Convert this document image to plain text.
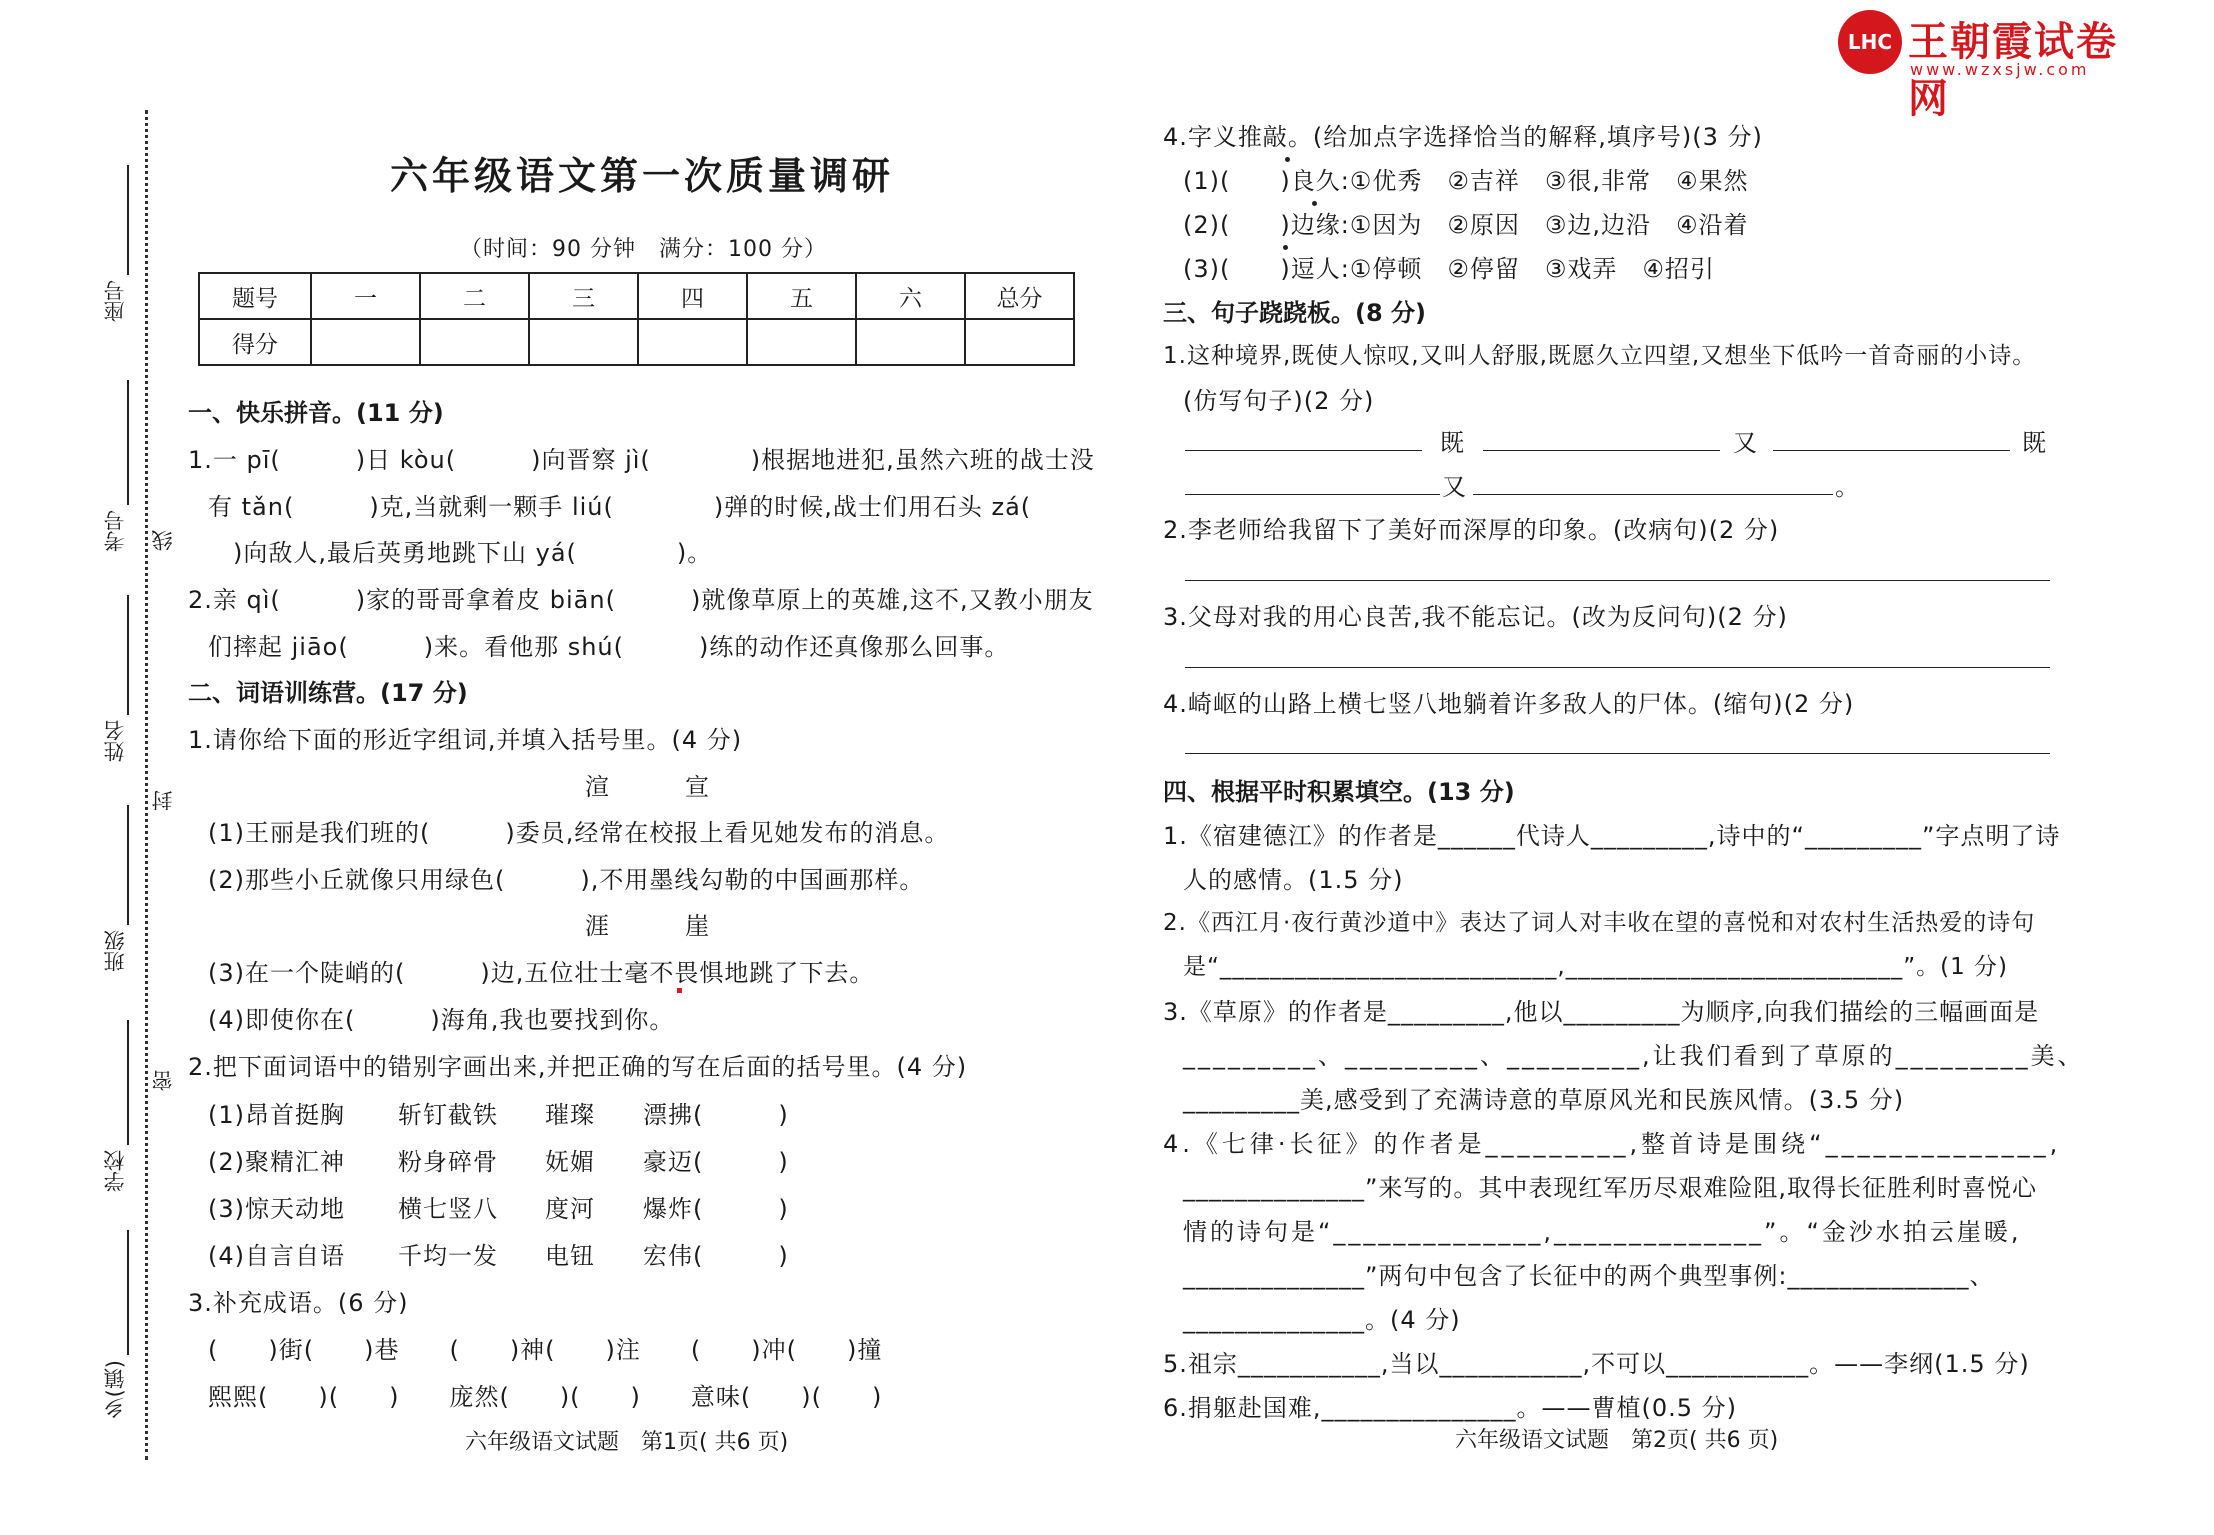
LHC 王朝霞试卷网
www.wzxsjw.com
座号
考号 线
姓名
封
班级
密
学校
乡(镇)
六年级语文第一次质量调研
（时间：90 分钟　满分：100 分）
题号	一	二	三	四	五	六	总分
得分							
一、快乐拼音。(11 分)
1.一 pī(　　　)日 kòu(　　　)向晋察 jì(　　　　)根据地进犯,虽然六班的战士没
有 tǎn(　　　)克,当就剩一颗手 liú(　　　　)弹的时候,战士们用石头 zá(
)向敌人,最后英勇地跳下山 yá(　　　　)。
2.亲 qì(　　　)家的哥哥拿着皮 biān(　　　)就像草原上的英雄,这不,又教小朋友
们摔起 jiāo(　　　)来。看他那 shú(　　　)练的动作还真像那么回事。
二、词语训练营。(17 分)
1.请你给下面的形近字组词,并填入括号里。(4 分)
渲　　　宣
(1)王丽是我们班的(　　　)委员,经常在校报上看见她发布的消息。
(2)那些小丘就像只用绿色(　　　),不用墨线勾勒的中国画那样。
涯　　　崖
(3)在一个陡峭的(　　　)边,五位壮士毫不畏惧地跳了下去。
(4)即使你在(　　　)海角,我也要找到你。
2.把下面词语中的错别字画出来,并把正确的写在后面的括号里。(4 分)
(1)昂首挺胸 斩钉截铁 璀璨 漂拂(　　　)
(2)聚精汇神 粉身碎骨 妩媚 豪迈(　　　)
(3)惊天动地 横七竖八 度河 爆炸(　　　)
(4)自言自语 千均一发 电钮 宏伟(　　　)
3.补充成语。(6 分)
(　　)街(　　)巷　　(　　)神(　　)注　　(　　)冲(　　)撞
熙熙(　　)(　　)　　庞然(　　)(　　)　　意味(　　)(　　)
六年级语文试题　第1页( 共6 页)
4.字义推敲。(给加点字选择恰当的解释,填序号)(3 分)
(1)(　　)良久:①优秀　②吉祥　③很,非常　④果然
(2)(　　)边缘:①因为　②原因　③边,边沿　④沿着
(3)(　　)逗人:①停顿　②停留　③戏弄　④招引
三、句子跷跷板。(8 分)
1.这种境界,既使人惊叹,又叫人舒服,既愿久立四望,又想坐下低吟一首奇丽的小诗。
(仿写句子)(2 分)
既	又	既
又	。
2.李老师给我留下了美好而深厚的印象。(改病句)(2 分)
3.父母对我的用心良苦,我不能忘记。(改为反问句)(2 分)
4.崎岖的山路上横七竖八地躺着许多敌人的尸体。(缩句)(2 分)
四、根据平时积累填空。(13 分)
1.《宿建德江》的作者是______代诗人_________,诗中的“_________”字点明了诗
人的感情。(1.5 分)
2.《西江月·夜行黄沙道中》表达了词人对丰收在望的喜悦和对农村生活热爱的诗句
是“___________________________,___________________________”。(1 分)
3.《草原》的作者是_________,他以_________为顺序,向我们描绘的三幅画面是
_________、_________、_________,让我们看到了草原的_________美、
_________美,感受到了充满诗意的草原风光和民族风情。(3.5 分)
4.《七律·长征》的作者是_________,整首诗是围绕“______________,
______________”来写的。其中表现红军历尽艰难险阻,取得长征胜利时喜悦心
情的诗句是“______________,______________”。“金沙水拍云崖暖,
______________”两句中包含了长征中的两个典型事例:______________、
______________。(4 分)
5.祖宗___________,当以___________,不可以___________。——李纲(1.5 分)
6.捐躯赴国难,_______________。——曹植(0.5 分)
六年级语文试题　第2页( 共6 页)
